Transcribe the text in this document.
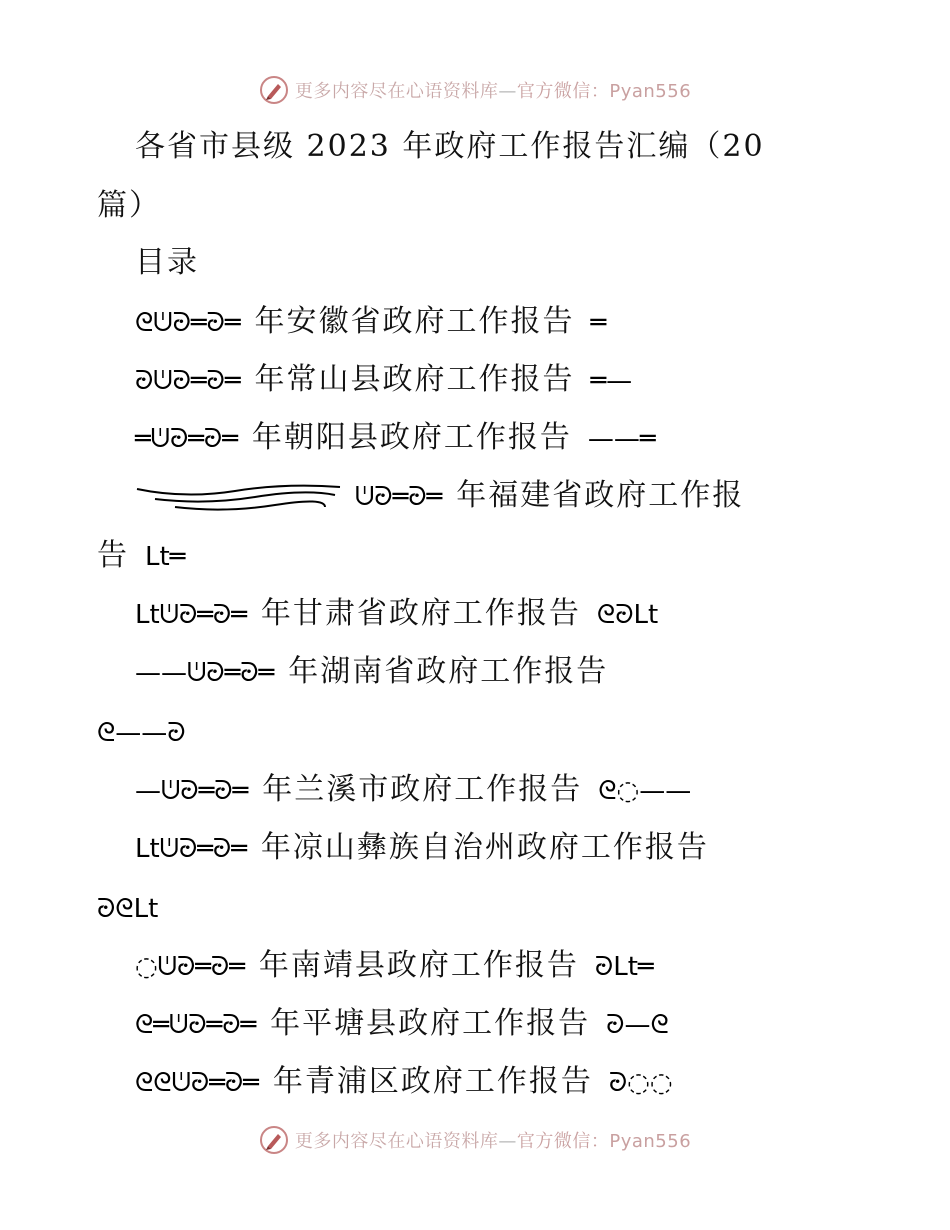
更多内容尽在心语资料库—官方微信：Pyan556
各省市县级 2023 年政府工作报告汇编（20
篇）
目录
ᘓᕫᘒ═ᘒ═ 年安徽省政府工作报告 ═
ᘒᕫᘒ═ᘒ═ 年常山县政府工作报告 ═—
═ᕫᘒ═ᘒ═ 年朝阳县政府工作报告 ——═
ᕫᘒ═ᘒ═ 年福建省政府工作报
告 Lt═
Ltᕫᘒ═ᘒ═ 年甘肃省政府工作报告 ᘓᘒLt
——ᕫᘒ═ᘒ═ 年湖南省政府工作报告
ᘓ——ᘒ
—ᕫᘒ═ᘒ═ 年兰溪市政府工作报告 ᘓ◌——
Ltᕫᘒ═ᘒ═ 年凉山彝族自治州政府工作报告
ᘒᘓLt
◌ᕫᘒ═ᘒ═ 年南靖县政府工作报告 ᘒLt═
ᘓ═ᕫᘒ═ᘒ═ 年平塘县政府工作报告 ᘒ—ᘓ
ᘓᘓᕫᘒ═ᘒ═ 年青浦区政府工作报告 ᘒ◌◌
更多内容尽在心语资料库—官方微信：Pyan556
